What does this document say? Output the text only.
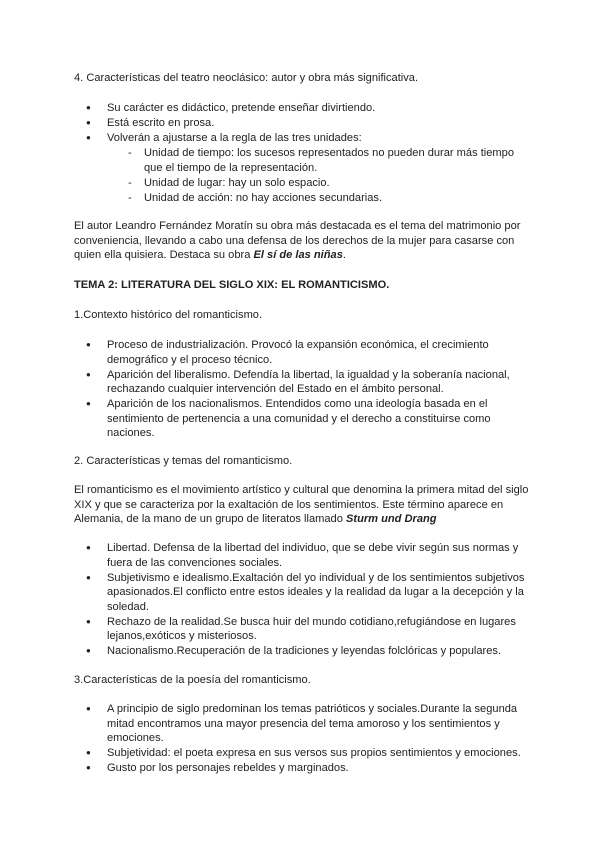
4. Características del teatro neoclásico: autor y obra más significativa.

● Su carácter es didáctico, pretende enseñar divirtiendo.
● Está escrito en prosa.
● Volverán a ajustarse a la regla de las tres unidades:
- Unidad de tiempo: los sucesos representados no pueden durar más tiempo que el tiempo de la representación.
- Unidad de lugar: hay un solo espacio.
- Unidad de acción: no hay acciones secundarias.

El autor Leandro Fernández Moratín su obra más destacada es el tema del matrimonio por conveniencia, llevando a cabo una defensa de los derechos de la mujer para casarse con quien ella quisiera. Destaca su obra El sí de las niñas.

TEMA 2: LITERATURA DEL SIGLO XIX: EL ROMANTICISMO.

1.Contexto histórico del romanticismo.

● Proceso de industrialización. Provocó la expansión económica, el crecimiento demográfico y el proceso técnico.
● Aparición del liberalismo. Defendía la libertad, la igualdad y la soberanía nacional, rechazando cualquier intervención del Estado en el ámbito personal.
● Aparición de los nacionalismos. Entendidos como una ideología basada en el sentimiento de pertenencia a una comunidad y el derecho a constituirse como naciones.

2. Características y temas del romanticismo.

El romanticismo es el movimiento artístico y cultural que denomina la primera mitad del siglo XIX y que se caracteriza por la exaltación de los sentimientos. Este término aparece en Alemania, de la mano de un grupo de literatos llamado Sturm und Drang

● Libertad. Defensa de la libertad del individuo, que se debe vivir según sus normas y fuera de las convenciones sociales.
● Subjetivismo e idealismo.Exaltación del yo individual y de los sentimientos subjetivos apasionados.El conflicto entre estos ideales y la realidad da lugar a la decepción y la soledad.
● Rechazo de la realidad.Se busca huir del mundo cotidiano,refugiándose en lugares lejanos,exóticos y misteriosos.
● Nacionalismo.Recuperación de la tradiciones y leyendas folclóricas y populares.

3.Características de la poesía del romanticismo.

● A principio de siglo predominan los temas patrióticos y sociales.Durante la segunda mitad encontramos una mayor presencia del tema amoroso y los sentimientos y emociones.
● Subjetividad: el poeta expresa en sus versos sus propios sentimientos y emociones.
● Gusto por los personajes rebeldes y marginados.
